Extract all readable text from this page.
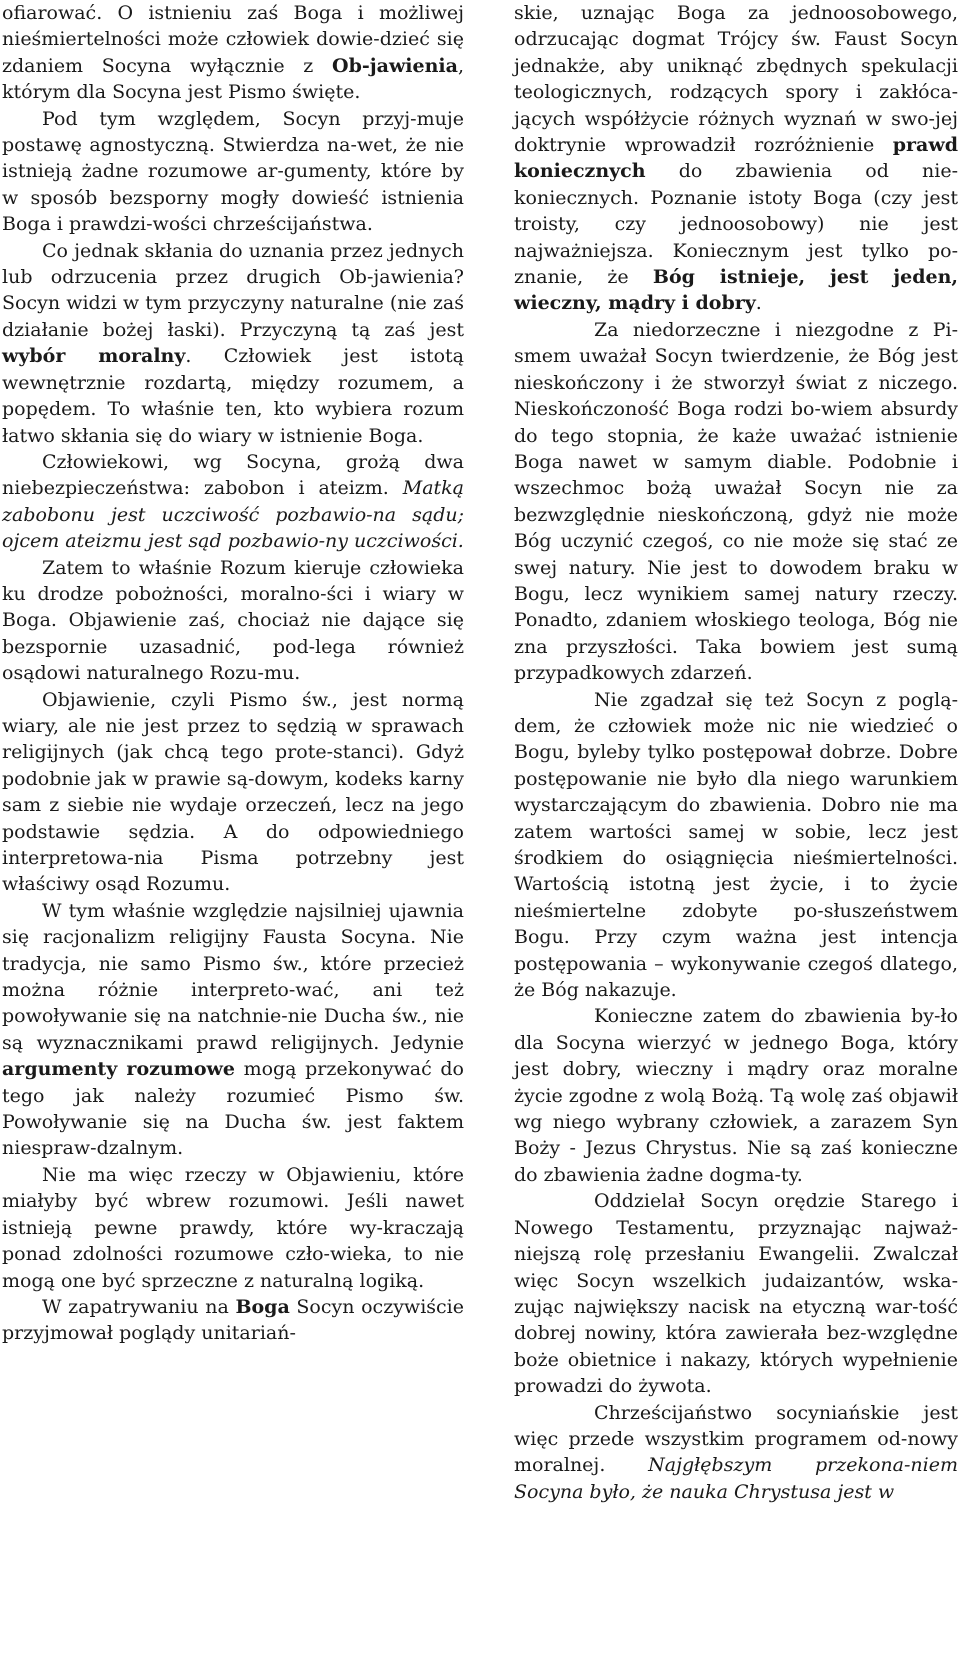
ofiarować. O istnieniu zaś Boga i możliwej nieśmiertelności może człowiek dowie-dzieć się zdaniem Socyna wyłącznie z Ob-jawienia, którym dla Socyna jest Pismo święte.

Pod tym względem, Socyn przyj-muje postawę agnostyczną. Stwierdza na-wet, że nie istnieją żadne rozumowe ar-gumenty, które by w sposób bezsporny mogły dowieść istnienia Boga i prawdzi-wości chrześcijaństwa.

Co jednak skłania do uznania przez jednych lub odrzucenia przez drugich Ob-jawienia? Socyn widzi w tym przyczyny naturalne (nie zaś działanie bożej łaski). Przyczyną tą zaś jest wybór moralny. Człowiek jest istotą wewnętrznie rozdartą, między rozumem, a popędem. To właśnie ten, kto wybiera rozum łatwo skłania się do wiary w istnienie Boga.

Człowiekowi, wg Socyna, grożą dwa niebezpieczeństwa: zabobon i ateizm. Matką zabobonu jest uczciwość pozbawio-na sądu; ojcem ateizmu jest sąd pozbawio-ny uczciwości.

Zatem to właśnie Rozum kieruje człowieka ku drodze pobożności, moralno-ści i wiary w Boga. Objawienie zaś, chociaż nie dające się bezspornie uzasadnić, pod-lega również osądowi naturalnego Rozu-mu.

Objawienie, czyli Pismo św., jest normą wiary, ale nie jest przez to sędzią w sprawach religijnych (jak chcą tego prote-stanci). Gdyż podobnie jak w prawie są-dowym, kodeks karny sam z siebie nie wydaje orzeczeń, lecz na jego podstawie sędzia. A do odpowiedniego interpretowa-nia Pisma potrzebny jest właściwy osąd Rozumu.

W tym właśnie względzie najsilniej ujawnia się racjonalizm religijny Fausta Socyna. Nie tradycja, nie samo Pismo św., które przecież można różnie interpreto-wać, ani też powoływanie się na natchnie-nie Ducha św., nie są wyznacznikami prawd religijnych. Jedynie argumenty rozumowe mogą przekonywać do tego jak należy rozumieć Pismo św. Powoływanie się na Ducha św. jest faktem niespraw-dzalnym.

Nie ma więc rzeczy w Objawieniu, które miałyby być wbrew rozumowi. Jeśli nawet istnieją pewne prawdy, które wy-kraczają ponad zdolności rozumowe czło-wieka, to nie mogą one być sprzeczne z naturalną logiką.

W zapatrywaniu na Boga Socyn oczywiście przyjmował poglądy unitariań-

skie, uznając Boga za jednoosobowego, odrzucając dogmat Trójcy św. Faust Socyn jednakże, aby uniknąć zbędnych spekulacji teologicznych, rodzących spory i zakłóca-jących współżycie różnych wyznań w swo-jej doktrynie wprowadził rozróżnienie prawd koniecznych do zbawienia od nie-koniecznych. Poznanie istoty Boga (czy jest troisty, czy jednoosobowy) nie jest najważniejsza. Koniecznym jest tylko po-znanie, że Bóg istnieje, jest jeden, wieczny, mądry i dobry.

Za niedorzeczne i niezgodne z Pi-smem uważał Socyn twierdzenie, że Bóg jest nieskończony i że stworzył świat z niczego. Nieskończoność Boga rodzi bo-wiem absurdy do tego stopnia, że każe uważać istnienie Boga nawet w samym diable. Podobnie i wszechmoc bożą uważał Socyn nie za bezwzględnie nieskończoną, gdyż nie może Bóg uczynić czegoś, co nie może się stać ze swej natury. Nie jest to dowodem braku w Bogu, lecz wynikiem samej natury rzeczy. Ponadto, zdaniem włoskiego teologa, Bóg nie zna przyszłości. Taka bowiem jest sumą przypadkowych zdarzeń.

Nie zgadzał się też Socyn z poglą-dem, że człowiek może nic nie wiedzieć o Bogu, byleby tylko postępował dobrze. Dobre postępowanie nie było dla niego warunkiem wystarczającym do zbawienia. Dobro nie ma zatem wartości samej w sobie, lecz jest środkiem do osiągnięcia nieśmiertelności. Wartością istotną jest życie, i to życie nieśmiertelne zdobyte po-słuszeństwem Bogu. Przy czym ważna jest intencja postępowania – wykonywanie czegoś dlatego, że Bóg nakazuje.

Konieczne zatem do zbawienia by-ło dla Socyna wierzyć w jednego Boga, który jest dobry, wieczny i mądry oraz moralne życie zgodne z wolą Bożą. Tą wolę zaś objawił wg niego wybrany człowiek, a zarazem Syn Boży - Jezus Chrystus. Nie są zaś konieczne do zbawienia żadne dogma-ty.

Oddzielał Socyn orędzie Starego i Nowego Testamentu, przyznając najważ-niejszą rolę przesłaniu Ewangelii. Zwalczał więc Socyn wszelkich judaizantów, wska-zując największy nacisk na etyczną war-tość dobrej nowiny, która zawierała bez-względne boże obietnice i nakazy, których wypełnienie prowadzi do żywota.

Chrześcijaństwo socyniańskie jest więc przede wszystkim programem od-nowy moralnej. Najgłębszym przekona-niem Socyna było, że nauka Chrystusa jest w
